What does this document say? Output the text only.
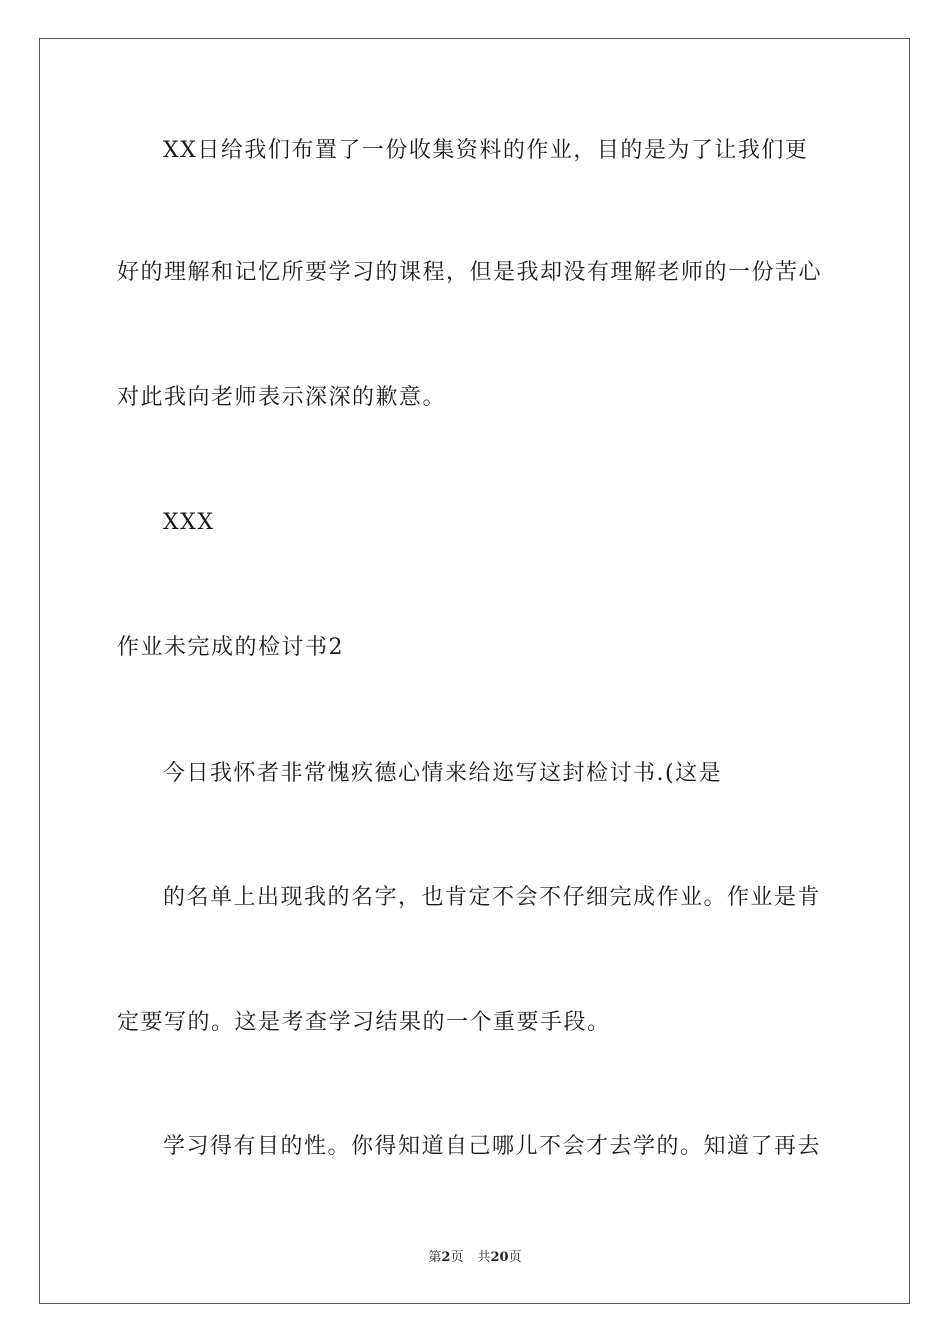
XX日给我们布置了一份收集资料的作业，目的是为了让我们更
好的理解和记忆所要学习的课程，但是我却没有理解老师的一份苦心
对此我向老师表示深深的歉意。
XXX
作业未完成的检讨书2
今日我怀者非常愧疚德心情来给迩写这封检讨书.(这是
的名单上出现我的名字，也肯定不会不仔细完成作业。作业是肯
定要写的。这是考查学习结果的一个重要手段。
学习得有目的性。你得知道自己哪儿不会才去学的。知道了再去
第2页 共20页
